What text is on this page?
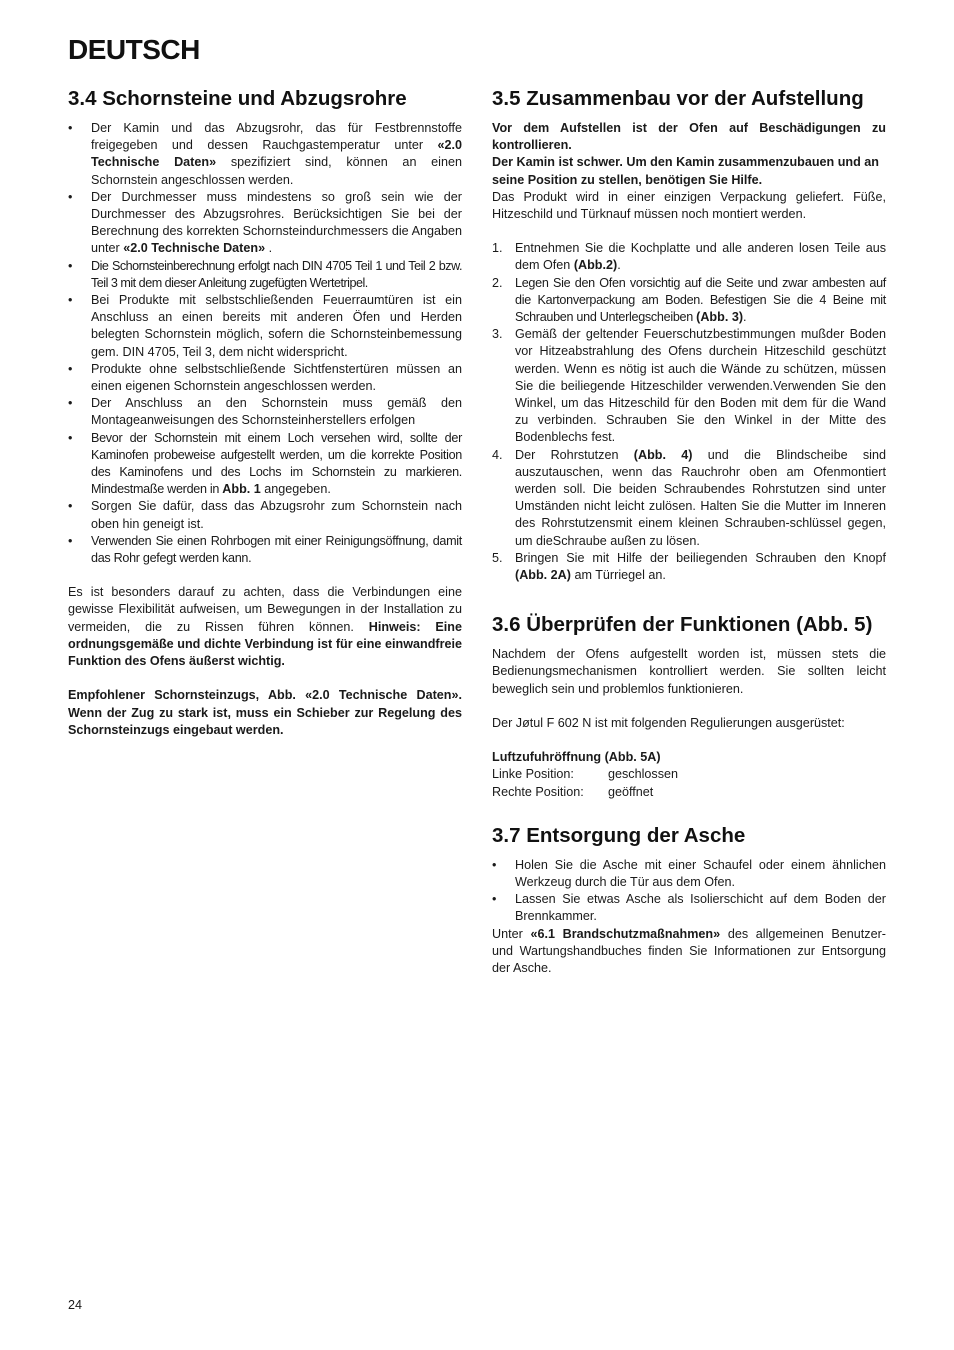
DEUTSCH
3.4 Schornsteine und Abzugsrohre
•	Der Kamin und das Abzugsrohr, das für Festbrennstoffe freigegeben und dessen Rauchgastemperatur unter «2.0 Technische Daten» spezifiziert sind, können an einen Schornstein angeschlossen werden.
•	Der Durchmesser muss mindestens so groß sein wie der Durchmesser des Abzugsrohres. Berücksichtigen Sie bei der Berechnung des korrekten Schornsteindurchmessers die Angaben unter «2.0 Technische Daten» .
•	Die Schornsteinberechnung erfolgt nach DIN 4705 Teil 1 und Teil 2 bzw. Teil 3 mit dem dieser Anleitung zugefügten Wertetripel.
•	Bei Produkte mit selbstschließenden Feuerraumtüren ist ein Anschluss an einen bereits mit anderen Öfen und Herden belegten Schornstein möglich, sofern die Schornsteinbemessung gem. DIN 4705, Teil 3, dem nicht widerspricht.
•	Produkte ohne selbstschließende Sichtfenstertüren müssen an einen eigenen Schornstein angeschlossen werden.
•	Der Anschluss an den Schornstein muss gemäß den Montageanweisungen des Schornsteinherstellers erfolgen
•	Bevor der Schornstein mit einem Loch versehen wird, sollte der Kaminofen probeweise aufgestellt werden, um die korrekte Position des Kaminofens und des Lochs im Schornstein zu markieren. Mindestmaße werden in Abb. 1 angegeben.
•	Sorgen Sie dafür, dass das Abzugsrohr zum Schornstein nach oben hin geneigt ist.
•	Verwenden Sie einen Rohrbogen mit einer Reinigungsöffnung, damit das Rohr gefegt werden kann.

Es ist besonders darauf zu achten, dass die Verbindungen eine gewisse Flexibilität aufweisen, um Bewegungen in der Installation zu vermeiden, die zu Rissen führen können. Hinweis: Eine ordnungsgemäße und dichte Verbindung ist für eine einwandfreie Funktion des Ofens äußerst wichtig.

Empfohlener Schornsteinzugs, Abb. «2.0 Technische Daten». Wenn der Zug zu stark ist, muss ein Schieber zur Regelung des Schornsteinzugs eingebaut werden.

3.5 Zusammenbau vor der Aufstellung

Vor dem Aufstellen ist der Ofen auf Beschädigungen zu kontrollieren.

Der Kamin ist schwer. Um den Kamin zusammenzubauen und an seine Position zu stellen, benötigen Sie Hilfe.

Das Produkt wird in einer einzigen Verpackung geliefert. Füße, Hitzeschild und Türknauf müssen noch montiert werden.

1. Entnehmen Sie die Kochplatte und alle anderen losen Teile aus dem Ofen (Abb.2).
2. Legen Sie den Ofen vorsichtig auf die Seite und zwar ambesten auf die Kartonverpackung am Boden. Befestigen Sie die 4 Beine mit Schrauben und Unterlegscheiben (Abb. 3).
3. Gemäß der geltender Feuerschutzbestimmungen mußder Boden vor Hitzeabstrahlung des Ofens durchein Hitzeschild geschützt werden. Wenn es nötig ist auch die Wände zu schützen, müssen Sie die beiliegende Hitzeschilder verwenden.Verwenden Sie den Winkel, um das Hitzeschild für den Boden mit dem für die Wand zu verbinden. Schrauben Sie den Winkel in der Mitte des Bodenblechs fest.
4. Der Rohrstutzen (Abb. 4) und die Blindscheibe sind auszutauschen, wenn das Rauchrohr oben am Ofenmontiert werden soll. Die beiden Schraubendes Rohrstutzen sind unter Umständen nicht leicht zulösen. Halten Sie die Mutter im Inneren des Rohrstutzensmit einem kleinen Schrauben-schlüssel gegen, um dieSchraube außen zu lösen.
5. Bringen Sie mit Hilfe der beiliegenden Schrauben den Knopf (Abb. 2A) am Türriegel an.
3.6 Überprüfen der Funktionen (Abb. 5)

Nachdem der Ofens aufgestellt worden ist, müssen stets die Bedienungsmechanismen kontrolliert werden. Sie sollten leicht beweglich sein und problemlos funktionieren.

Der Jøtul F 602 N ist mit folgenden Regulierungen ausgerüstet:

Luftzufuhröffnung (Abb. 5A)

Linke Position:	geschlossen
Rechte Position:	geöffnet
3.7 Entsorgung der Asche
•	Holen Sie die Asche mit einer Schaufel oder einem ähnlichen Werkzeug durch die Tür aus dem Ofen.
•	Lassen Sie etwas Asche als Isolierschicht auf dem Boden der Brennkammer.

Unter «6.1 Brandschutzmaßnahmen» des allgemeinen Benutzer- und Wartungshandbuches finden Sie Informationen zur Entsorgung der Asche.

24
